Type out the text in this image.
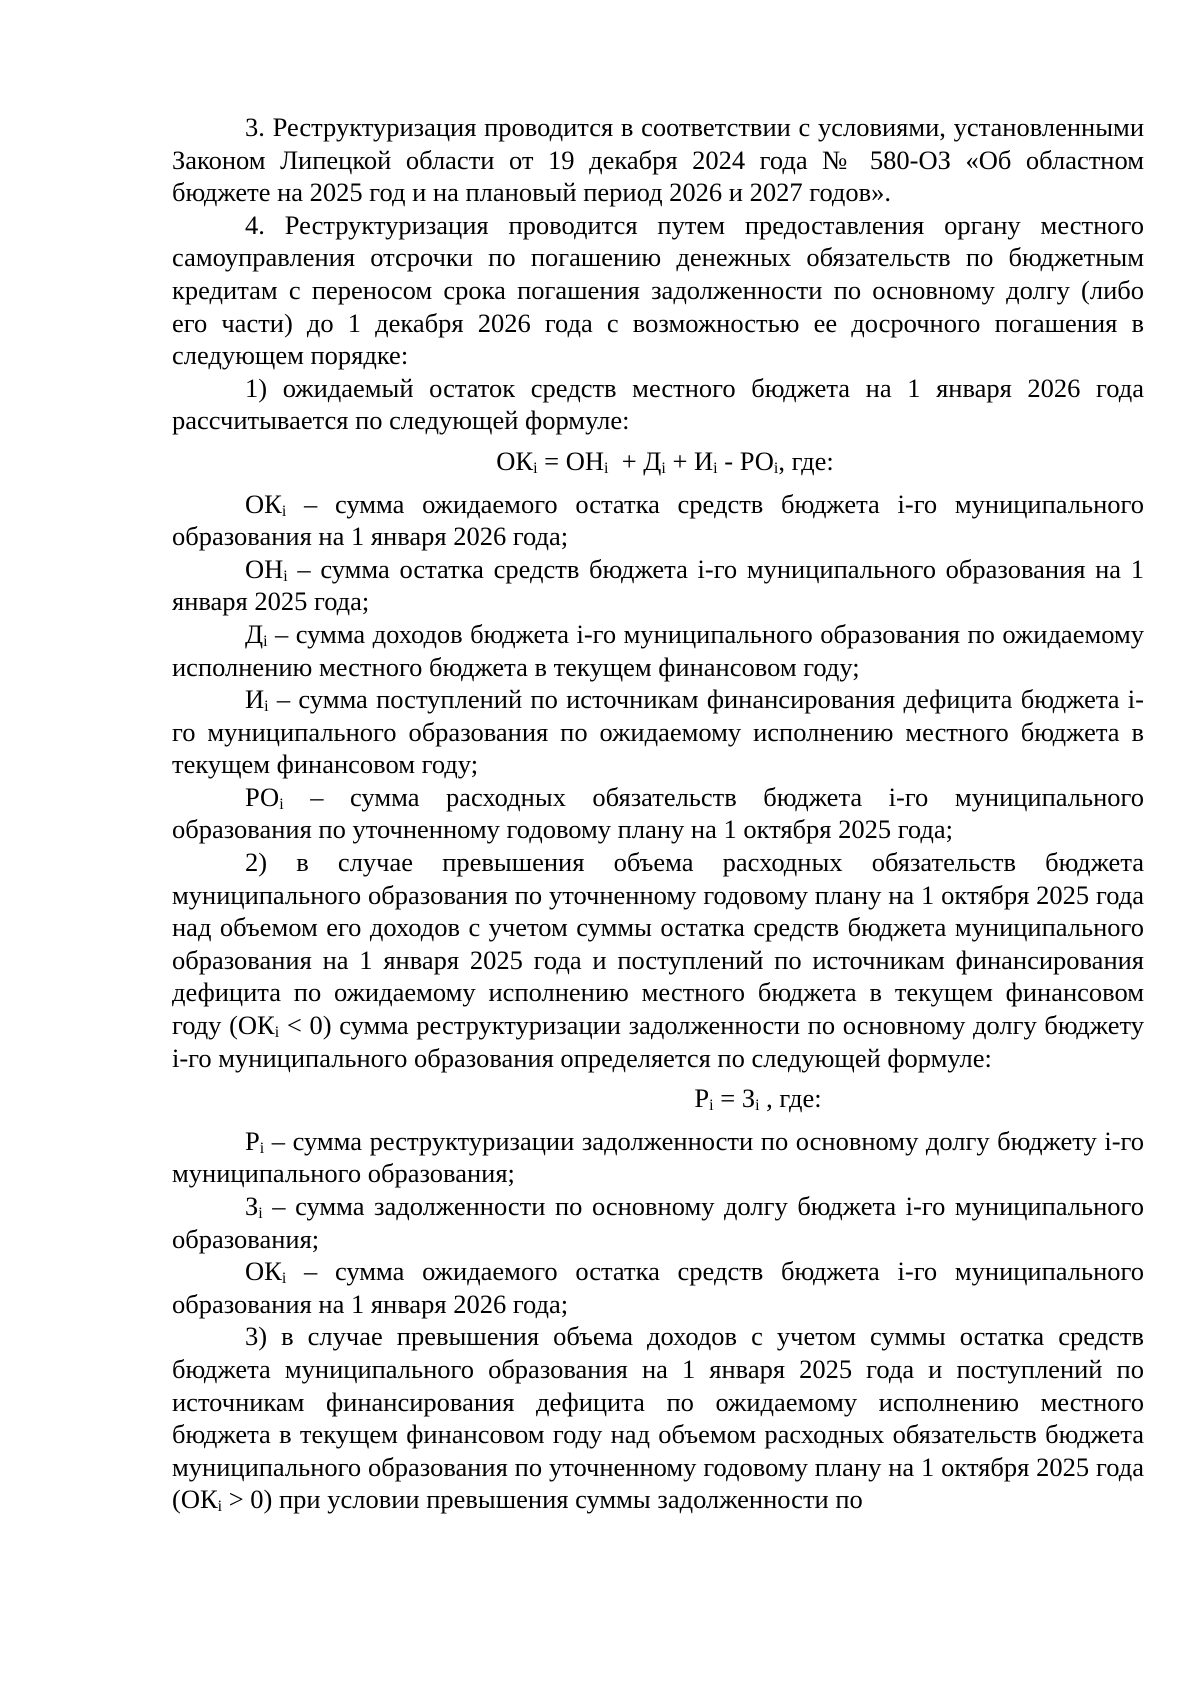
3. Реструктуризация проводится в соответствии с условиями, установленными Законом Липецкой области от 19 декабря 2024 года № 580-ОЗ «Об областном бюджете на 2025 год и на плановый период 2026 и 2027 годов».

4. Реструктуризация проводится путем предоставления органу местного самоуправления отсрочки по погашению денежных обязательств по бюджетным кредитам с переносом срока погашения задолженности по основному долгу (либо его части) до 1 декабря 2026 года с возможностью ее досрочного погашения в следующем порядке:

1) ожидаемый остаток средств местного бюджета на 1 января 2026 года рассчитывается по следующей формуле:

$ОК_i = ОН_i + Д_i + И_i - РО_i$, где:

$ОК_i$ – сумма ожидаемого остатка средств бюджета i-го муниципального образования на 1 января 2026 года;

$ОН_i$ – сумма остатка средств бюджета i-го муниципального образования на 1 января 2025 года;

$Д_i$ – сумма доходов бюджета i-го муниципального образования по ожидаемому исполнению местного бюджета в текущем финансовом году;

$И_i$ – сумма поступлений по источникам финансирования дефицита бюджета i-го муниципального образования по ожидаемому исполнению местного бюджета в текущем финансовом году;

$РО_i$ – сумма расходных обязательств бюджета i-го муниципального образования по уточненному годовому плану на 1 октября 2025 года;

2) в случае превышения объема расходных обязательств бюджета муниципального образования по уточненному годовому плану на 1 октября 2025 года над объемом его доходов с учетом суммы остатка средств бюджета муниципального образования на 1 января 2025 года и поступлений по источникам финансирования дефицита по ожидаемому исполнению местного бюджета в текущем финансовом году $(ОК_i < 0)$ сумма реструктуризации задолженности по основному долгу бюджету i-го муниципального образования определяется по следующей формуле:

$Р_i = З_i$ , где:

$Р_i$ – сумма реструктуризации задолженности по основному долгу бюджету i-го муниципального образования;

$З_i$ – сумма задолженности по основному долгу бюджета i-го муниципального образования;

$ОК_i$ – сумма ожидаемого остатка средств бюджета i-го муниципального образования на 1 января 2026 года;

3) в случае превышения объема доходов с учетом суммы остатка средств бюджета муниципального образования на 1 января 2025 года и поступлений по источникам финансирования дефицита по ожидаемому исполнению местного бюджета в текущем финансовом году над объемом расходных обязательств бюджета муниципального образования по уточненному годовому плану на 1 октября 2025 года $(ОК_i > 0)$ при условии превышения суммы задолженности по
